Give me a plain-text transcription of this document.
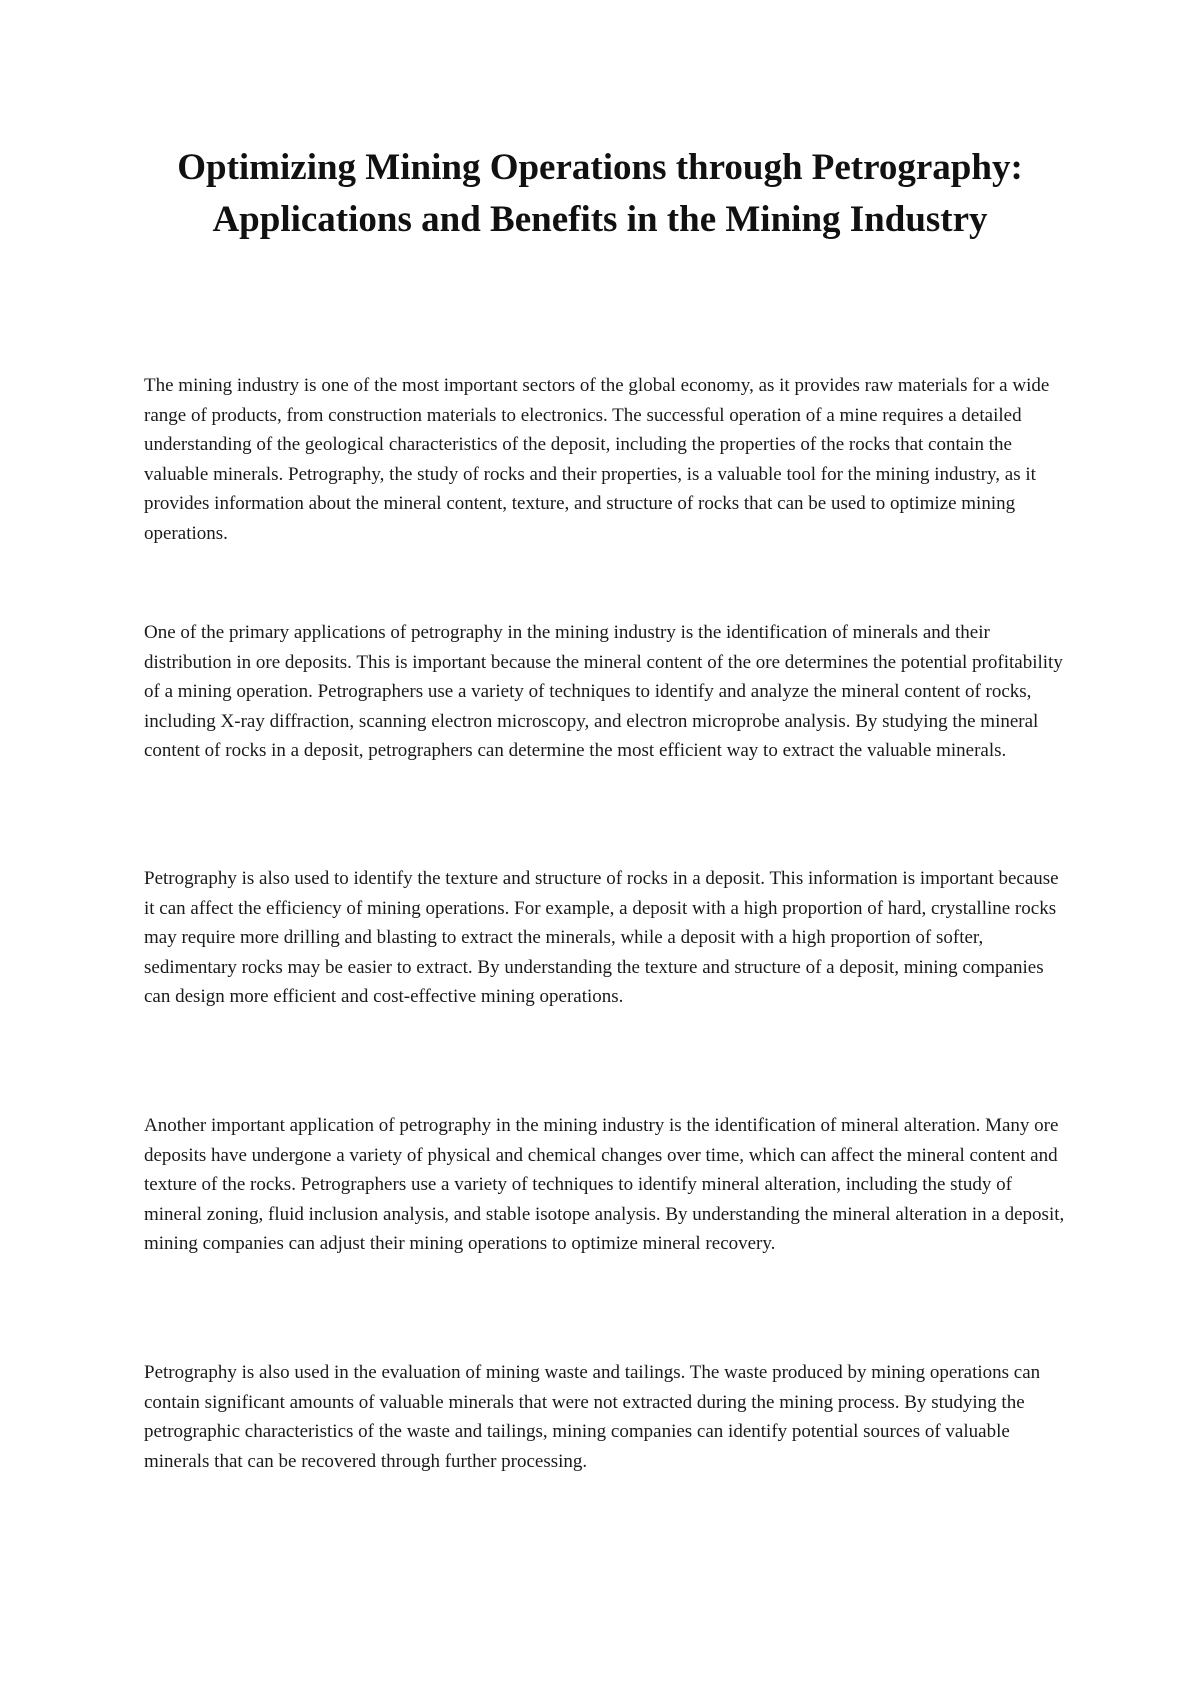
Optimizing Mining Operations through Petrography: Applications and Benefits in the Mining Industry

The mining industry is one of the most important sectors of the global economy, as it provides raw materials for a wide range of products, from construction materials to electronics. The successful operation of a mine requires a detailed understanding of the geological characteristics of the deposit, including the properties of the rocks that contain the valuable minerals. Petrography, the study of rocks and their properties, is a valuable tool for the mining industry, as it provides information about the mineral content, texture, and structure of rocks that can be used to optimize mining operations.

One of the primary applications of petrography in the mining industry is the identification of minerals and their distribution in ore deposits. This is important because the mineral content of the ore determines the potential profitability of a mining operation. Petrographers use a variety of techniques to identify and analyze the mineral content of rocks, including X-ray diffraction, scanning electron microscopy, and electron microprobe analysis. By studying the mineral content of rocks in a deposit, petrographers can determine the most efficient way to extract the valuable minerals.

Petrography is also used to identify the texture and structure of rocks in a deposit. This information is important because it can affect the efficiency of mining operations. For example, a deposit with a high proportion of hard, crystalline rocks may require more drilling and blasting to extract the minerals, while a deposit with a high proportion of softer, sedimentary rocks may be easier to extract. By understanding the texture and structure of a deposit, mining companies can design more efficient and cost-effective mining operations.

Another important application of petrography in the mining industry is the identification of mineral alteration. Many ore deposits have undergone a variety of physical and chemical changes over time, which can affect the mineral content and texture of the rocks. Petrographers use a variety of techniques to identify mineral alteration, including the study of mineral zoning, fluid inclusion analysis, and stable isotope analysis. By understanding the mineral alteration in a deposit, mining companies can adjust their mining operations to optimize mineral recovery.

Petrography is also used in the evaluation of mining waste and tailings. The waste produced by mining operations can contain significant amounts of valuable minerals that were not extracted during the mining process. By studying the petrographic characteristics of the waste and tailings, mining companies can identify potential sources of valuable minerals that can be recovered through further processing.
